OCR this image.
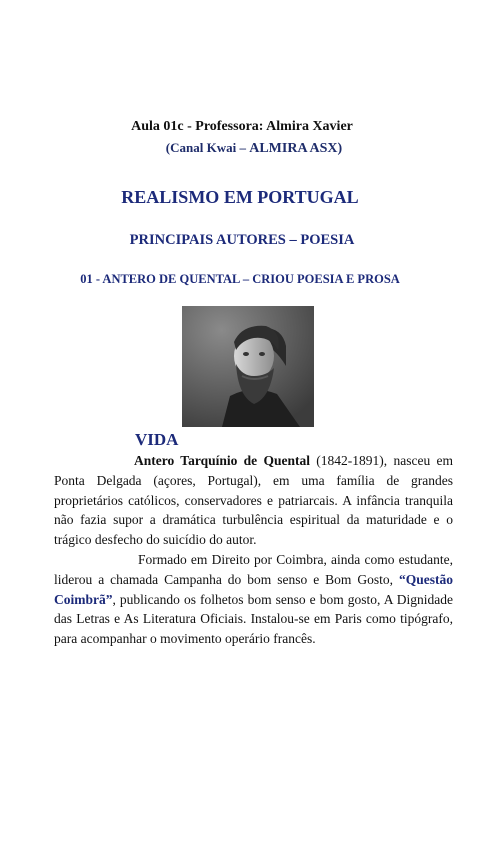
Aula 01c - Professora: Almira Xavier
(Canal Kwai – ALMIRA ASX)
REALISMO EM PORTUGAL
PRINCIPAIS AUTORES – POESIA
01 - ANTERO DE QUENTAL – CRIOU POESIA E PROSA
VIDA

Antero Tarquínio de Quental (1842-1891), nasceu em Ponta Delgada (açores, Portugal), em uma família de grandes proprietários católicos, conservadores e patriarcais. A infância tranquila não fazia supor a dramática turbulência espiritual da maturidade e o trágico desfecho do suicídio do autor.

Formado em Direito por Coimbra, ainda como estudante, liderou a chamada Campanha do bom senso e Bom Gosto, “Questão Coimbrã”, publicando os folhetos bom senso e bom gosto, A Dignidade das Letras e As Literatura Oficiais. Instalou-se em Paris como tipógrafo, para acompanhar o movimento operário francês.
